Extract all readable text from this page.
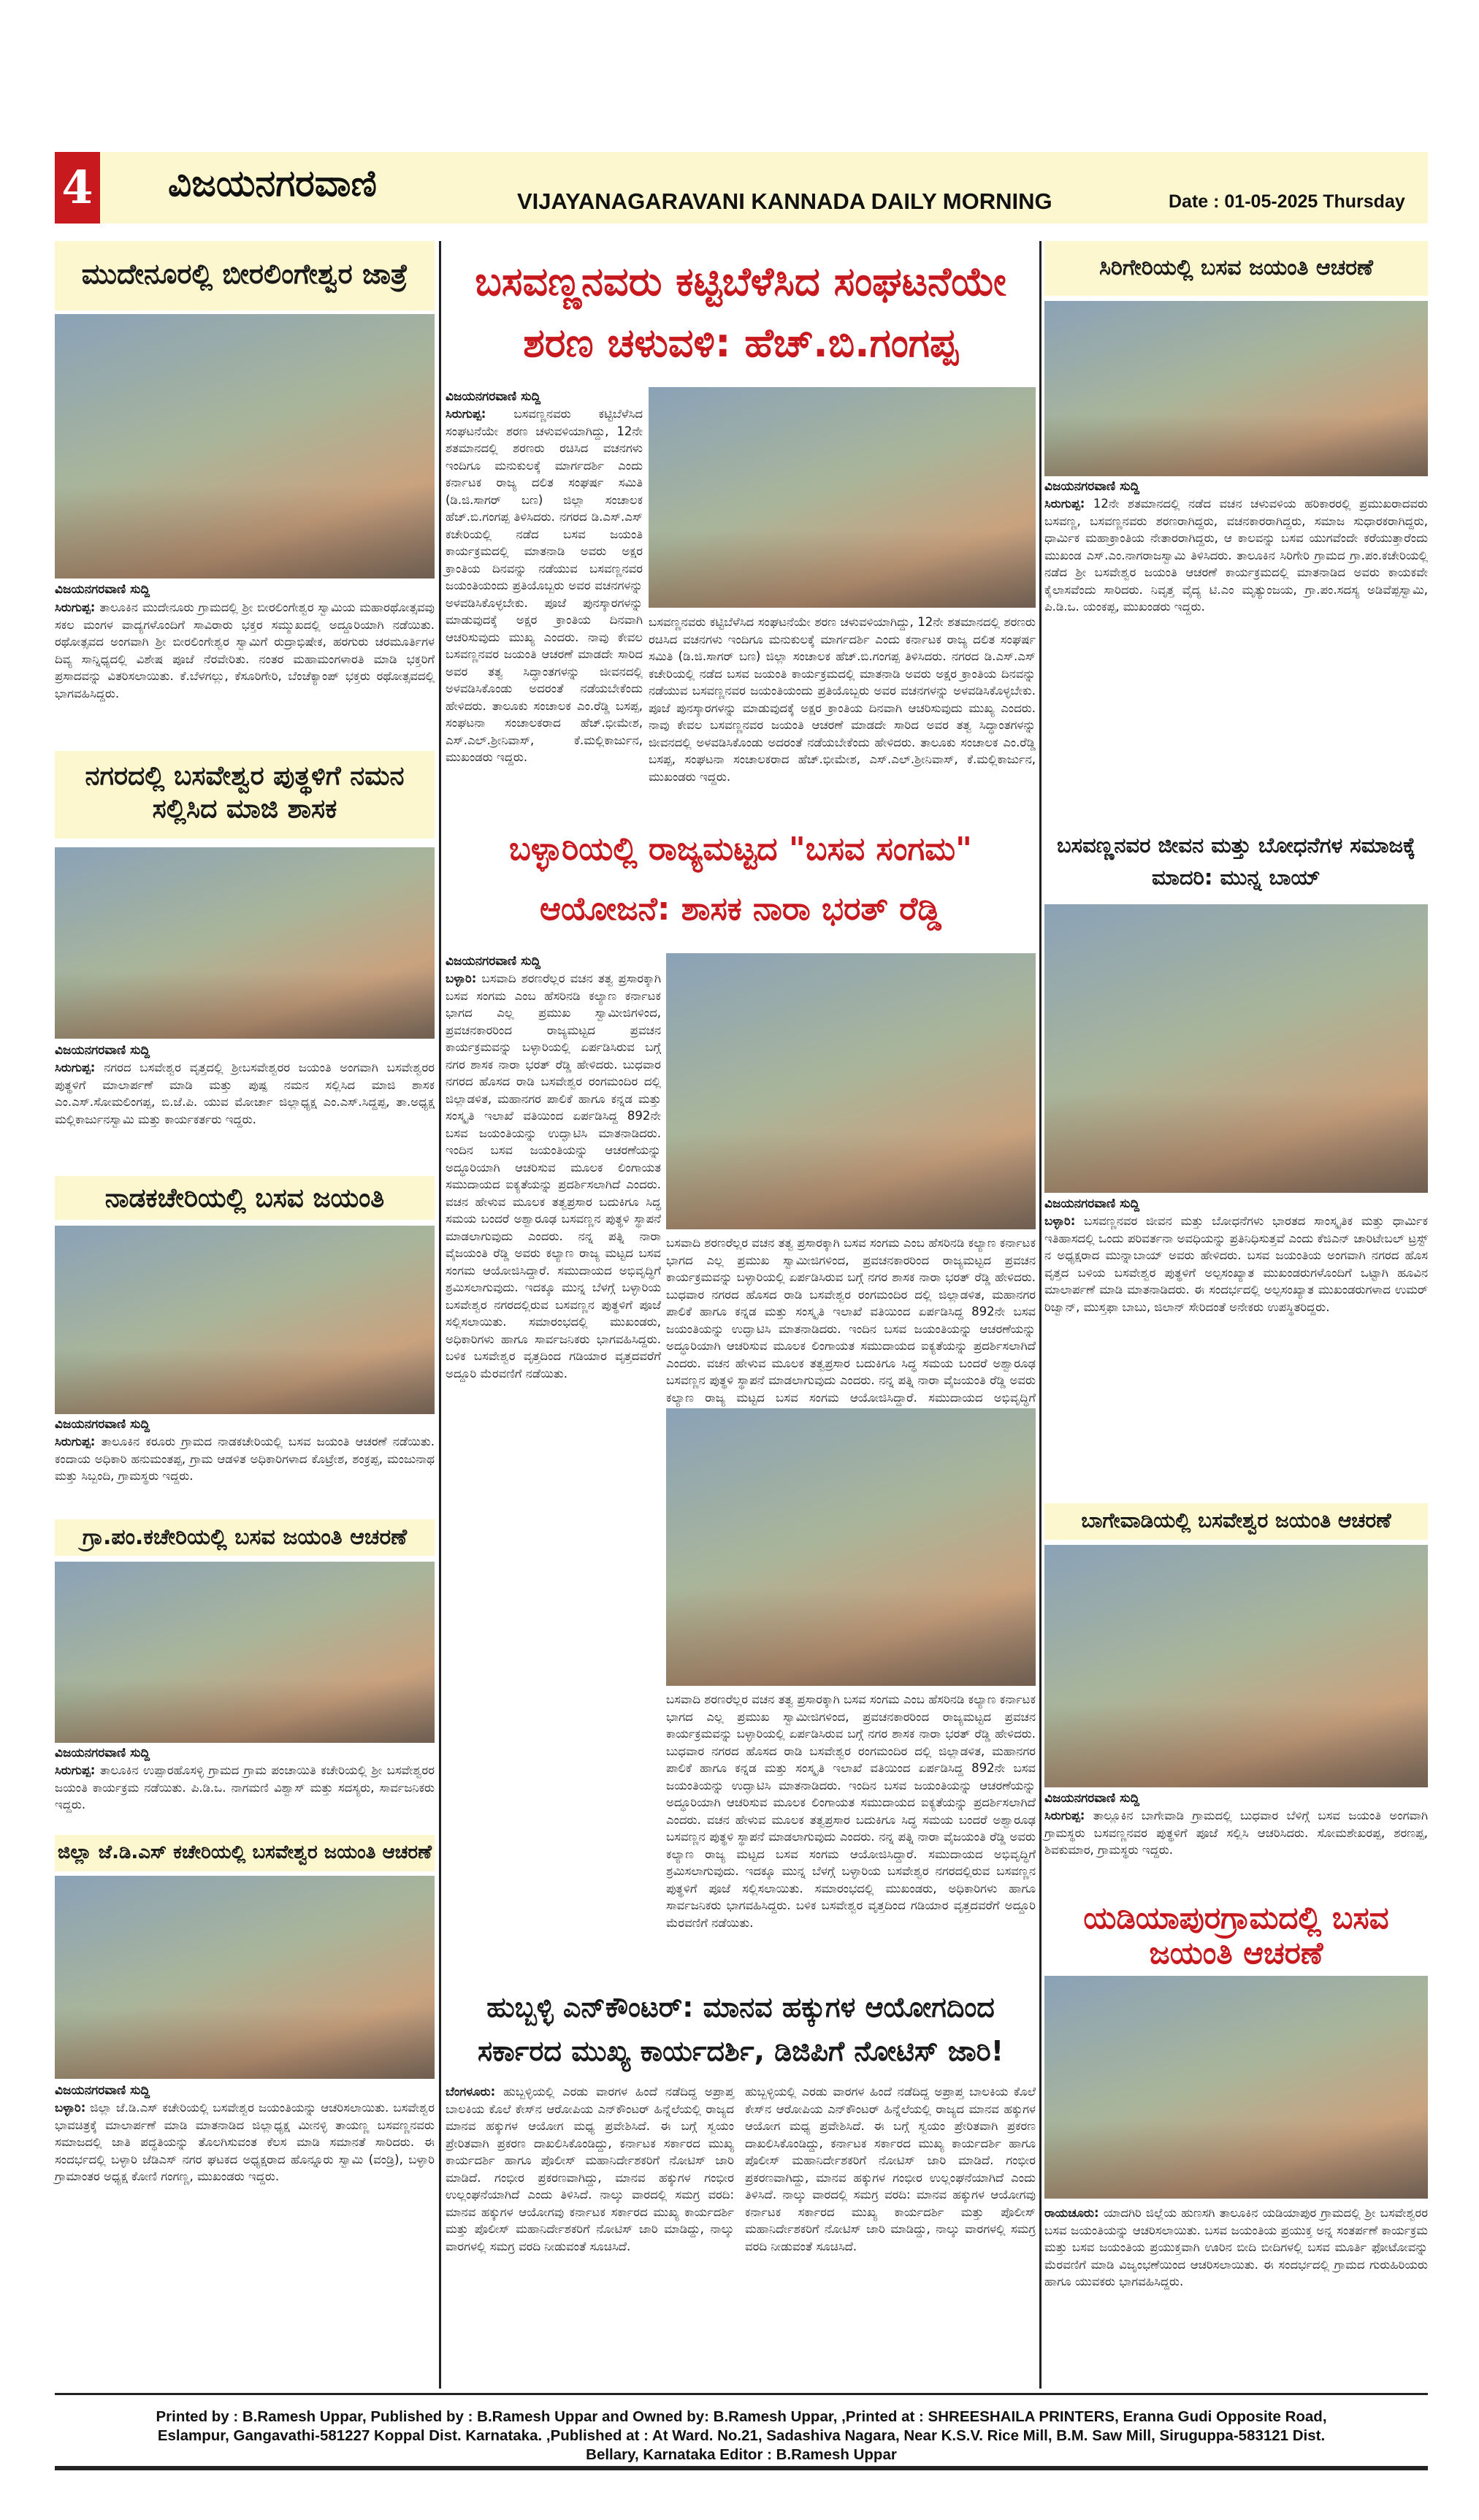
4 ವಿಜಯನಗರವಾಣಿ	VIJAYANAGARAVANI KANNADA DAILY MORNING	Date : 01-05-2025 Thursday
ಮುದೇನೂರಲ್ಲಿ ಬೀರಲಿಂಗೇಶ್ವರ ಜಾತ್ರೆ
ವಿಜಯನಗರವಾಣಿ ಸುದ್ದಿ
ಸಿರುಗುಪ್ಪ: ತಾಲೂಕಿನ ಮುದೇನೂರು ಗ್ರಾಮದಲ್ಲಿ ಶ್ರೀ ಬೀರಲಿಂಗೇಶ್ವರ ಸ್ವಾಮಿಯ ಮಹಾರಥೋತ್ಸವವು ಸಕಲ ಮಂಗಳ ವಾದ್ಯಗಳೊಂದಿಗೆ ಸಾವಿರಾರು ಭಕ್ತರ ಸಮ್ಮುಖದಲ್ಲಿ ಅದ್ದೂರಿಯಾಗಿ ನಡೆಯಿತು. ರಥೋತ್ಸವದ ಅಂಗವಾಗಿ ಶ್ರೀ ಬೀರಲಿಂಗೇಶ್ವರ ಸ್ವಾಮಿಗೆ ರುದ್ರಾಭಿಷೇಕ, ಹರಗುರು ಚರಮೂರ್ತಿಗಳ ದಿವ್ಯ ಸಾನ್ನಿಧ್ಯದಲ್ಲಿ ವಿಶೇಷ ಪೂಜೆ ನೆರವೇರಿತು. ನಂತರ ಮಹಾಮಂಗಳಾರತಿ ಮಾಡಿ ಭಕ್ತರಿಗೆ ಪ್ರಸಾದವನ್ನು ವಿತರಿಸಲಾಯಿತು. ಕೆ.ಬೆಳಗಲ್ಲು, ಕೆಸೂರಿಗೇರಿ, ಬೆಂಚೆಕ್ಯಾಂಪ್ ಭಕ್ತರು ರಥೋತ್ಸವದಲ್ಲಿ ಭಾಗವಹಿಸಿದ್ದರು.
ನಗರದಲ್ಲಿ ಬಸವೇಶ್ವರ ಪುತ್ಥಳಿಗೆ ನಮನ ಸಲ್ಲಿಸಿದ ಮಾಜಿ ಶಾಸಕ
ವಿಜಯನಗರವಾಣಿ ಸುದ್ದಿ
ಸಿರುಗುಪ್ಪ: ನಗರದ ಬಸವೇಶ್ವರ ವೃತ್ತದಲ್ಲಿ ಶ್ರೀಬಸವೇಶ್ವರರ ಜಯಂತಿ ಅಂಗವಾಗಿ ಬಸವೇಶ್ವರರ ಪುತ್ಥಳಿಗೆ ಮಾಲಾರ್ಪಣೆ ಮಾಡಿ ಮತ್ತು ಪುಷ್ಪ ನಮನ ಸಲ್ಲಿಸಿದ ಮಾಜಿ ಶಾಸಕ ಎಂ.ಎಸ್.ಸೋಮಲಿಂಗಪ್ಪ, ಬಿ.ಜೆ.ಪಿ. ಯುವ ಮೋರ್ಚಾ ಜಿಲ್ಲಾಧ್ಯಕ್ಷ ಎಂ.ಎಸ್.ಸಿದ್ದಪ್ಪ, ತಾ.ಅಧ್ಯಕ್ಷ ಮಲ್ಲಿಕಾರ್ಜುನಸ್ವಾಮಿ ಮತ್ತು ಕಾರ್ಯಕರ್ತರು ಇದ್ದರು.
ನಾಡಕಚೇರಿಯಲ್ಲಿ ಬಸವ ಜಯಂತಿ
ವಿಜಯನಗರವಾಣಿ ಸುದ್ದಿ
ಸಿರುಗುಪ್ಪ: ತಾಲೂಕಿನ ಕರೂರು ಗ್ರಾಮದ ನಾಡಕಚೇರಿಯಲ್ಲಿ ಬಸವ ಜಯಂತಿ ಆಚರಣೆ ನಡೆಯಿತು. ಕಂದಾಯ ಅಧಿಕಾರಿ ಹನುಮಂತಪ್ಪ, ಗ್ರಾಮ ಆಡಳಿತ ಅಧಿಕಾರಿಗಳಾದ ಕೊಟ್ರೇಶ, ಶಂಕ್ರಪ್ಪ, ಮಂಜುನಾಥ ಮತ್ತು ಸಿಬ್ಬಂದಿ, ಗ್ರಾಮಸ್ಥರು ಇದ್ದರು.
ಗ್ರಾ.ಪಂ.ಕಚೇರಿಯಲ್ಲಿ ಬಸವ ಜಯಂತಿ ಆಚರಣೆ
ವಿಜಯನಗರವಾಣಿ ಸುದ್ದಿ
ಸಿರುಗುಪ್ಪ: ತಾಲೂಕಿನ ಉಪ್ಪಾರಹೊಸಳ್ಳಿ ಗ್ರಾಮದ ಗ್ರಾಮ ಪಂಚಾಯಿತಿ ಕಚೇರಿಯಲ್ಲಿ ಶ್ರೀ ಬಸವೇಶ್ವರರ ಜಯಂತಿ ಕಾರ್ಯಕ್ರಮ ನಡೆಯಿತು. ಪಿ.ಡಿ.ಒ. ನಾಗಮಣಿ ವಿಶ್ವಾಸ್ ಮತ್ತು ಸದಸ್ಯರು, ಸಾರ್ವಜನಿಕರು ಇದ್ದರು.
ಜಿಲ್ಲಾ ಜೆ.ಡಿ.ಎಸ್ ಕಚೇರಿಯಲ್ಲಿ ಬಸವೇಶ್ವರ ಜಯಂತಿ ಆಚರಣೆ
ವಿಜಯನಗರವಾಣಿ ಸುದ್ದಿ
ಬಳ್ಳಾರಿ: ಜಿಲ್ಲಾ ಜೆ.ಡಿ.ಎಸ್ ಕಚೇರಿಯಲ್ಲಿ ಬಸವೇಶ್ವರ ಜಯಂತಿಯನ್ನು ಆಚರಿಸಲಾಯಿತು. ಬಸವೇಶ್ವರ ಭಾವಚಿತ್ರಕ್ಕೆ ಮಾಲಾರ್ಪಣೆ ಮಾಡಿ ಮಾತನಾಡಿದ ಜಿಲ್ಲಾಧ್ಯಕ್ಷ ಮೀನಳ್ಳಿ ತಾಯಣ್ಣ ಬಸವಣ್ಣನವರು ಸಮಾಜದಲ್ಲಿ ಜಾತಿ ಪದ್ಧತಿಯನ್ನು ತೊಲಗಿಸುವಂತ ಕೆಲಸ ಮಾಡಿ ಸಮಾನತೆ ಸಾರಿದರು. ಈ ಸಂದರ್ಭದಲ್ಲಿ ಬಳ್ಳಾರಿ ಜೆಡಿಎಸ್ ನಗರ ಘಟಕದ ಅಧ್ಯಕ್ಷರಾದ ಹೊನ್ನೂರು ಸ್ವಾಮಿ (ವಂಡ್ರಿ), ಬಳ್ಳಾರಿ ಗ್ರಾಮಾಂತರ ಅಧ್ಯಕ್ಷ ಕೋಣಿ ಗಂಗಣ್ಣ, ಮುಖಂಡರು ಇದ್ದರು.
ಬಸವಣ್ಣನವರು ಕಟ್ಟಿಬೆಳೆಸಿದ ಸಂಘಟನೆಯೇ ಶರಣ ಚಳುವಳಿ: ಹೆಚ್.ಬಿ.ಗಂಗಪ್ಪ
ವಿಜಯನಗರವಾಣಿ ಸುದ್ದಿ
ಸಿರುಗುಪ್ಪ: ಬಸವಣ್ಣನವರು ಕಟ್ಟಿಬೆಳೆಸಿದ ಸಂಘಟನೆಯೇ ಶರಣ ಚಳುವಳಿಯಾಗಿದ್ದು, 12ನೇ ಶತಮಾನದಲ್ಲಿ ಶರಣರು ರಚಿಸಿದ ವಚನಗಳು ಇಂದಿಗೂ ಮನುಕುಲಕ್ಕೆ ಮಾರ್ಗದರ್ಶಿ ಎಂದು ಕರ್ನಾಟಕ ರಾಜ್ಯ ದಲಿತ ಸಂಘರ್ಷ ಸಮಿತಿ (ಡಿ.ಜಿ.ಸಾಗರ್ ಬಣ) ಜಿಲ್ಲಾ ಸಂಚಾಲಕ ಹೆಚ್.ಬಿ.ಗಂಗಪ್ಪ ತಿಳಿಸಿದರು. ನಗರದ ಡಿ.ಎಸ್.ಎಸ್ ಕಚೇರಿಯಲ್ಲಿ ನಡೆದ ಬಸವ ಜಯಂತಿ ಕಾರ್ಯಕ್ರಮದಲ್ಲಿ ಮಾತನಾಡಿ ಅವರು ಅಕ್ಷರ ಕ್ರಾಂತಿಯ ದಿನವನ್ನು ನಡೆಯುವ ಬಸವಣ್ಣನವರ ಜಯಂತಿಯಂದು ಪ್ರತಿಯೊಬ್ಬರು ಅವರ ವಚನಗಳನ್ನು ಅಳವಡಿಸಿಕೊಳ್ಳಬೇಕು. ಪೂಜೆ ಪುನಸ್ಕಾರಗಳನ್ನು ಮಾಡುವುದಕ್ಕೆ ಅಕ್ಷರ ಕ್ರಾಂತಿಯ ದಿನವಾಗಿ ಆಚರಿಸುವುದು ಮುಖ್ಯ ಎಂದರು. ನಾವು ಕೇವಲ ಬಸವಣ್ಣನವರ ಜಯಂತಿ ಆಚರಣೆ ಮಾಡದೇ ಸಾರಿದ ಅವರ ತತ್ವ ಸಿದ್ಧಾಂತಗಳನ್ನು ಜೀವನದಲ್ಲಿ ಅಳವಡಿಸಿಕೊಂಡು ಅದರಂತೆ ನಡೆಯಬೇಕೆಂದು ಹೇಳಿದರು. ತಾಲೂಕು ಸಂಚಾಲಕ ಎಂ.ರೆಡ್ಡಿ ಬಸಪ್ಪ, ಸಂಘಟನಾ ಸಂಚಾಲಕರಾದ ಹೆಚ್.ಭೀಮೇಶ, ಎಸ್.ಎಲ್.ಶ್ರೀನಿವಾಸ್, ಕೆ.ಮಲ್ಲಿಕಾರ್ಜುನ, ಮುಖಂಡರು ಇದ್ದರು.
ಬಸವಣ್ಣನವರು ಕಟ್ಟಿಬೆಳೆಸಿದ ಸಂಘಟನೆಯೇ ಶರಣ ಚಳುವಳಿಯಾಗಿದ್ದು, 12ನೇ ಶತಮಾನದಲ್ಲಿ ಶರಣರು ರಚಿಸಿದ ವಚನಗಳು ಇಂದಿಗೂ ಮನುಕುಲಕ್ಕೆ ಮಾರ್ಗದರ್ಶಿ ಎಂದು ಕರ್ನಾಟಕ ರಾಜ್ಯ ದಲಿತ ಸಂಘರ್ಷ ಸಮಿತಿ (ಡಿ.ಜಿ.ಸಾಗರ್ ಬಣ) ಜಿಲ್ಲಾ ಸಂಚಾಲಕ ಹೆಚ್.ಬಿ.ಗಂಗಪ್ಪ ತಿಳಿಸಿದರು. ನಗರದ ಡಿ.ಎಸ್.ಎಸ್ ಕಚೇರಿಯಲ್ಲಿ ನಡೆದ ಬಸವ ಜಯಂತಿ ಕಾರ್ಯಕ್ರಮದಲ್ಲಿ ಮಾತನಾಡಿ ಅವರು ಅಕ್ಷರ ಕ್ರಾಂತಿಯ ದಿನವನ್ನು ನಡೆಯುವ ಬಸವಣ್ಣನವರ ಜಯಂತಿಯಂದು ಪ್ರತಿಯೊಬ್ಬರು ಅವರ ವಚನಗಳನ್ನು ಅಳವಡಿಸಿಕೊಳ್ಳಬೇಕು. ಪೂಜೆ ಪುನಸ್ಕಾರಗಳನ್ನು ಮಾಡುವುದಕ್ಕೆ ಅಕ್ಷರ ಕ್ರಾಂತಿಯ ದಿನವಾಗಿ ಆಚರಿಸುವುದು ಮುಖ್ಯ ಎಂದರು. ನಾವು ಕೇವಲ ಬಸವಣ್ಣನವರ ಜಯಂತಿ ಆಚರಣೆ ಮಾಡದೇ ಸಾರಿದ ಅವರ ತತ್ವ ಸಿದ್ಧಾಂತಗಳನ್ನು ಜೀವನದಲ್ಲಿ ಅಳವಡಿಸಿಕೊಂಡು ಅದರಂತೆ ನಡೆಯಬೇಕೆಂದು ಹೇಳಿದರು. ತಾಲೂಕು ಸಂಚಾಲಕ ಎಂ.ರೆಡ್ಡಿ ಬಸಪ್ಪ, ಸಂಘಟನಾ ಸಂಚಾಲಕರಾದ ಹೆಚ್.ಭೀಮೇಶ, ಎಸ್.ಎಲ್.ಶ್ರೀನಿವಾಸ್, ಕೆ.ಮಲ್ಲಿಕಾರ್ಜುನ, ಮುಖಂಡರು ಇದ್ದರು.
ಬಳ್ಳಾರಿಯಲ್ಲಿ ರಾಜ್ಯಮಟ್ಟದ "ಬಸವ ಸಂಗಮ" ಆಯೋಜನೆ: ಶಾಸಕ ನಾರಾ ಭರತ್ ರೆಡ್ಡಿ
ವಿಜಯನಗರವಾಣಿ ಸುದ್ದಿ
ಬಳ್ಳಾರಿ: ಬಸವಾದಿ ಶರಣರೆಲ್ಲರ ವಚನ ತತ್ವ ಪ್ರಸಾರಕ್ಕಾಗಿ ಬಸವ ಸಂಗಮ ಎಂಬ ಹೆಸರಿನಡಿ ಕಲ್ಯಾಣ ಕರ್ನಾಟಕ ಭಾಗದ ಎಲ್ಲ ಪ್ರಮುಖ ಸ್ವಾಮೀಜಿಗಳಿಂದ, ಪ್ರವಚನಕಾರರಿಂದ ರಾಜ್ಯಮಟ್ಟದ ಪ್ರವಚನ ಕಾರ್ಯಕ್ರಮವನ್ನು ಬಳ್ಳಾರಿಯಲ್ಲಿ ಏರ್ಪಡಿಸಿರುವ ಬಗ್ಗೆ ನಗರ ಶಾಸಕ ನಾರಾ ಭರತ್ ರೆಡ್ಡಿ ಹೇಳಿದರು. ಬುಧವಾರ ನಗರದ ಹೊಸದ ರಾಡಿ ಬಸವೇಶ್ವರ ರಂಗಮಂದಿರ ದಲ್ಲಿ ಜಿಲ್ಲಾಡಳಿತ, ಮಹಾನಗರ ಪಾಲಿಕೆ ಹಾಗೂ ಕನ್ನಡ ಮತ್ತು ಸಂಸ್ಕೃತಿ ಇಲಾಖೆ ವತಿಯಿಂದ ಏರ್ಪಡಿಸಿದ್ದ 892ನೇ ಬಸವ ಜಯಂತಿಯನ್ನು ಉದ್ಘಾಟಿಸಿ ಮಾತನಾಡಿದರು. ಇಂದಿನ ಬಸವ ಜಯಂತಿಯನ್ನು ಆಚರಣೆಯನ್ನು ಅದ್ಧೂರಿಯಾಗಿ ಆಚರಿಸುವ ಮೂಲಕ ಲಿಂಗಾಯತ ಸಮುದಾಯದ ಐಕ್ಯತೆಯನ್ನು ಪ್ರದರ್ಶಿಸಲಾಗಿದೆ ಎಂದರು. ವಚನ ಹೇಳುವ ಮೂಲಕ ತತ್ವಪ್ರಸಾರ ಬದುಕಿಗೂ ಸಿದ್ಧ ಸಮಯ ಬಂದರೆ ಅಶ್ವಾರೂಢ ಬಸವಣ್ಣನ ಪುತ್ಥಳಿ ಸ್ಥಾಪನೆ ಮಾಡಲಾಗುವುದು ಎಂದರು. ನನ್ನ ಪತ್ನಿ ನಾರಾ ವೈಜಯಂತಿ ರೆಡ್ಡಿ ಅವರು ಕಲ್ಯಾಣ ರಾಜ್ಯ ಮಟ್ಟದ ಬಸವ ಸಂಗಮ ಆಯೋಜಿಸಿದ್ದಾರೆ. ಸಮುದಾಯದ ಅಭಿವೃದ್ಧಿಗೆ ಶ್ರಮಿಸಲಾಗುವುದು. ಇದಕ್ಕೂ ಮುನ್ನ ಬೆಳಗ್ಗೆ ಬಳ್ಳಾರಿಯ ಬಸವೇಶ್ವರ ನಗರದಲ್ಲಿರುವ ಬಸವಣ್ಣನ ಪುತ್ಥಳಿಗೆ ಪೂಜೆ ಸಲ್ಲಿಸಲಾಯಿತು. ಸಮಾರಂಭದಲ್ಲಿ ಮುಖಂಡರು, ಅಧಿಕಾರಿಗಳು ಹಾಗೂ ಸಾರ್ವಜನಿಕರು ಭಾಗವಹಿಸಿದ್ದರು. ಬಳಿಕ ಬಸವೇಶ್ವರ ವೃತ್ತದಿಂದ ಗಡಿಯಾರ ವೃತ್ತದವರೆಗೆ ಅದ್ದೂರಿ ಮೆರವಣಿಗೆ ನಡೆಯಿತು.
ಬಸವಾದಿ ಶರಣರೆಲ್ಲರ ವಚನ ತತ್ವ ಪ್ರಸಾರಕ್ಕಾಗಿ ಬಸವ ಸಂಗಮ ಎಂಬ ಹೆಸರಿನಡಿ ಕಲ್ಯಾಣ ಕರ್ನಾಟಕ ಭಾಗದ ಎಲ್ಲ ಪ್ರಮುಖ ಸ್ವಾಮೀಜಿಗಳಿಂದ, ಪ್ರವಚನಕಾರರಿಂದ ರಾಜ್ಯಮಟ್ಟದ ಪ್ರವಚನ ಕಾರ್ಯಕ್ರಮವನ್ನು ಬಳ್ಳಾರಿಯಲ್ಲಿ ಏರ್ಪಡಿಸಿರುವ ಬಗ್ಗೆ ನಗರ ಶಾಸಕ ನಾರಾ ಭರತ್ ರೆಡ್ಡಿ ಹೇಳಿದರು. ಬುಧವಾರ ನಗರದ ಹೊಸದ ರಾಡಿ ಬಸವೇಶ್ವರ ರಂಗಮಂದಿರ ದಲ್ಲಿ ಜಿಲ್ಲಾಡಳಿತ, ಮಹಾನಗರ ಪಾಲಿಕೆ ಹಾಗೂ ಕನ್ನಡ ಮತ್ತು ಸಂಸ್ಕೃತಿ ಇಲಾಖೆ ವತಿಯಿಂದ ಏರ್ಪಡಿಸಿದ್ದ 892ನೇ ಬಸವ ಜಯಂತಿಯನ್ನು ಉದ್ಘಾಟಿಸಿ ಮಾತನಾಡಿದರು. ಇಂದಿನ ಬಸವ ಜಯಂತಿಯನ್ನು ಆಚರಣೆಯನ್ನು ಅದ್ಧೂರಿಯಾಗಿ ಆಚರಿಸುವ ಮೂಲಕ ಲಿಂಗಾಯತ ಸಮುದಾಯದ ಐಕ್ಯತೆಯನ್ನು ಪ್ರದರ್ಶಿಸಲಾಗಿದೆ ಎಂದರು. ವಚನ ಹೇಳುವ ಮೂಲಕ ತತ್ವಪ್ರಸಾರ ಬದುಕಿಗೂ ಸಿದ್ಧ ಸಮಯ ಬಂದರೆ ಅಶ್ವಾರೂಢ ಬಸವಣ್ಣನ ಪುತ್ಥಳಿ ಸ್ಥಾಪನೆ ಮಾಡಲಾಗುವುದು ಎಂದರು. ನನ್ನ ಪತ್ನಿ ನಾರಾ ವೈಜಯಂತಿ ರೆಡ್ಡಿ ಅವರು ಕಲ್ಯಾಣ ರಾಜ್ಯ ಮಟ್ಟದ ಬಸವ ಸಂಗಮ ಆಯೋಜಿಸಿದ್ದಾರೆ. ಸಮುದಾಯದ ಅಭಿವೃದ್ಧಿಗೆ
ಬಸವಾದಿ ಶರಣರೆಲ್ಲರ ವಚನ ತತ್ವ ಪ್ರಸಾರಕ್ಕಾಗಿ ಬಸವ ಸಂಗಮ ಎಂಬ ಹೆಸರಿನಡಿ ಕಲ್ಯಾಣ ಕರ್ನಾಟಕ ಭಾಗದ ಎಲ್ಲ ಪ್ರಮುಖ ಸ್ವಾಮೀಜಿಗಳಿಂದ, ಪ್ರವಚನಕಾರರಿಂದ ರಾಜ್ಯಮಟ್ಟದ ಪ್ರವಚನ ಕಾರ್ಯಕ್ರಮವನ್ನು ಬಳ್ಳಾರಿಯಲ್ಲಿ ಏರ್ಪಡಿಸಿರುವ ಬಗ್ಗೆ ನಗರ ಶಾಸಕ ನಾರಾ ಭರತ್ ರೆಡ್ಡಿ ಹೇಳಿದರು. ಬುಧವಾರ ನಗರದ ಹೊಸದ ರಾಡಿ ಬಸವೇಶ್ವರ ರಂಗಮಂದಿರ ದಲ್ಲಿ ಜಿಲ್ಲಾಡಳಿತ, ಮಹಾನಗರ ಪಾಲಿಕೆ ಹಾಗೂ ಕನ್ನಡ ಮತ್ತು ಸಂಸ್ಕೃತಿ ಇಲಾಖೆ ವತಿಯಿಂದ ಏರ್ಪಡಿಸಿದ್ದ 892ನೇ ಬಸವ ಜಯಂತಿಯನ್ನು ಉದ್ಘಾಟಿಸಿ ಮಾತನಾಡಿದರು. ಇಂದಿನ ಬಸವ ಜಯಂತಿಯನ್ನು ಆಚರಣೆಯನ್ನು ಅದ್ಧೂರಿಯಾಗಿ ಆಚರಿಸುವ ಮೂಲಕ ಲಿಂಗಾಯತ ಸಮುದಾಯದ ಐಕ್ಯತೆಯನ್ನು ಪ್ರದರ್ಶಿಸಲಾಗಿದೆ ಎಂದರು. ವಚನ ಹೇಳುವ ಮೂಲಕ ತತ್ವಪ್ರಸಾರ ಬದುಕಿಗೂ ಸಿದ್ಧ ಸಮಯ ಬಂದರೆ ಅಶ್ವಾರೂಢ ಬಸವಣ್ಣನ ಪುತ್ಥಳಿ ಸ್ಥಾಪನೆ ಮಾಡಲಾಗುವುದು ಎಂದರು. ನನ್ನ ಪತ್ನಿ ನಾರಾ ವೈಜಯಂತಿ ರೆಡ್ಡಿ ಅವರು ಕಲ್ಯಾಣ ರಾಜ್ಯ ಮಟ್ಟದ ಬಸವ ಸಂಗಮ ಆಯೋಜಿಸಿದ್ದಾರೆ. ಸಮುದಾಯದ ಅಭಿವೃದ್ಧಿಗೆ ಶ್ರಮಿಸಲಾಗುವುದು. ಇದಕ್ಕೂ ಮುನ್ನ ಬೆಳಗ್ಗೆ ಬಳ್ಳಾರಿಯ ಬಸವೇಶ್ವರ ನಗರದಲ್ಲಿರುವ ಬಸವಣ್ಣನ ಪುತ್ಥಳಿಗೆ ಪೂಜೆ ಸಲ್ಲಿಸಲಾಯಿತು. ಸಮಾರಂಭದಲ್ಲಿ ಮುಖಂಡರು, ಅಧಿಕಾರಿಗಳು ಹಾಗೂ ಸಾರ್ವಜನಿಕರು ಭಾಗವಹಿಸಿದ್ದರು. ಬಳಿಕ ಬಸವೇಶ್ವರ ವೃತ್ತದಿಂದ ಗಡಿಯಾರ ವೃತ್ತದವರೆಗೆ ಅದ್ದೂರಿ ಮೆರವಣಿಗೆ ನಡೆಯಿತು.
ಹುಬ್ಬಳ್ಳಿ ಎನ್‌ಕೌಂಟರ್: ಮಾನವ ಹಕ್ಕುಗಳ ಆಯೋಗದಿಂದ ಸರ್ಕಾರದ ಮುಖ್ಯ ಕಾರ್ಯದರ್ಶಿ, ಡಿಜಿಪಿಗೆ ನೋಟಿಸ್ ಜಾರಿ!
ಬೆಂಗಳೂರು: ಹುಬ್ಬಳ್ಳಿಯಲ್ಲಿ ಎರಡು ವಾರಗಳ ಹಿಂದೆ ನಡೆದಿದ್ದ ಅಪ್ರಾಪ್ತ ಬಾಲಕಿಯ ಕೊಲೆ ಕೇಸ್‌ನ ಆರೋಪಿಯ ಎನ್‌ಕೌಂಟರ್ ಹಿನ್ನೆಲೆಯಲ್ಲಿ ರಾಜ್ಯದ ಮಾನವ ಹಕ್ಕುಗಳ ಆಯೋಗ ಮಧ್ಯ ಪ್ರವೇಶಿಸಿದೆ. ಈ ಬಗ್ಗೆ ಸ್ವಯಂ ಪ್ರೇರಿತವಾಗಿ ಪ್ರಕರಣ ದಾಖಲಿಸಿಕೊಂಡಿದ್ದು, ಕರ್ನಾಟಕ ಸರ್ಕಾರದ ಮುಖ್ಯ ಕಾರ್ಯದರ್ಶಿ ಹಾಗೂ ಪೊಲೀಸ್ ಮಹಾನಿರ್ದೇಶಕರಿಗೆ ನೋಟಿಸ್ ಜಾರಿ ಮಾಡಿದೆ. ಗಂಭೀರ ಪ್ರಕರಣವಾಗಿದ್ದು, ಮಾನವ ಹಕ್ಕುಗಳ ಗಂಭೀರ ಉಲ್ಲಂಘನೆಯಾಗಿದೆ ಎಂದು ತಿಳಿಸಿದೆ. ನಾಲ್ಕು ವಾರದಲ್ಲಿ ಸಮಗ್ರ ವರದಿ: ಮಾನವ ಹಕ್ಕುಗಳ ಆಯೋಗವು ಕರ್ನಾಟಕ ಸರ್ಕಾರದ ಮುಖ್ಯ ಕಾರ್ಯದರ್ಶಿ ಮತ್ತು ಪೊಲೀಸ್ ಮಹಾನಿರ್ದೇಶಕರಿಗೆ ನೋಟಿಸ್ ಜಾರಿ ಮಾಡಿದ್ದು, ನಾಲ್ಕು ವಾರಗಳಲ್ಲಿ ಸಮಗ್ರ ವರದಿ ನೀಡುವಂತೆ ಸೂಚಿಸಿದೆ.
ಹುಬ್ಬಳ್ಳಿಯಲ್ಲಿ ಎರಡು ವಾರಗಳ ಹಿಂದೆ ನಡೆದಿದ್ದ ಅಪ್ರಾಪ್ತ ಬಾಲಕಿಯ ಕೊಲೆ ಕೇಸ್‌ನ ಆರೋಪಿಯ ಎನ್‌ಕೌಂಟರ್ ಹಿನ್ನೆಲೆಯಲ್ಲಿ ರಾಜ್ಯದ ಮಾನವ ಹಕ್ಕುಗಳ ಆಯೋಗ ಮಧ್ಯ ಪ್ರವೇಶಿಸಿದೆ. ಈ ಬಗ್ಗೆ ಸ್ವಯಂ ಪ್ರೇರಿತವಾಗಿ ಪ್ರಕರಣ ದಾಖಲಿಸಿಕೊಂಡಿದ್ದು, ಕರ್ನಾಟಕ ಸರ್ಕಾರದ ಮುಖ್ಯ ಕಾರ್ಯದರ್ಶಿ ಹಾಗೂ ಪೊಲೀಸ್ ಮಹಾನಿರ್ದೇಶಕರಿಗೆ ನೋಟಿಸ್ ಜಾರಿ ಮಾಡಿದೆ. ಗಂಭೀರ ಪ್ರಕರಣವಾಗಿದ್ದು, ಮಾನವ ಹಕ್ಕುಗಳ ಗಂಭೀರ ಉಲ್ಲಂಘನೆಯಾಗಿದೆ ಎಂದು ತಿಳಿಸಿದೆ. ನಾಲ್ಕು ವಾರದಲ್ಲಿ ಸಮಗ್ರ ವರದಿ: ಮಾನವ ಹಕ್ಕುಗಳ ಆಯೋಗವು ಕರ್ನಾಟಕ ಸರ್ಕಾರದ ಮುಖ್ಯ ಕಾರ್ಯದರ್ಶಿ ಮತ್ತು ಪೊಲೀಸ್ ಮಹಾನಿರ್ದೇಶಕರಿಗೆ ನೋಟಿಸ್ ಜಾರಿ ಮಾಡಿದ್ದು, ನಾಲ್ಕು ವಾರಗಳಲ್ಲಿ ಸಮಗ್ರ ವರದಿ ನೀಡುವಂತೆ ಸೂಚಿಸಿದೆ.
ಸಿರಿಗೇರಿಯಲ್ಲಿ ಬಸವ ಜಯಂತಿ ಆಚರಣೆ
ವಿಜಯನಗರವಾಣಿ ಸುದ್ದಿ
ಸಿರುಗುಪ್ಪ: 12ನೇ ಶತಮಾನದಲ್ಲಿ ನಡೆದ ವಚನ ಚಳುವಳಿಯ ಹರಿಕಾರರಲ್ಲಿ ಪ್ರಮುಖರಾದವರು ಬಸವಣ್ಣ, ಬಸವಣ್ಣನವರು ಶರಣರಾಗಿದ್ದರು, ವಚನಕಾರರಾಗಿದ್ದರು, ಸಮಾಜ ಸುಧಾರಕರಾಗಿದ್ದರು, ಧಾರ್ಮಿಕ ಮಹಾಕ್ರಾಂತಿಯ ನೇತಾರರಾಗಿದ್ದರು, ಆ ಕಾಲವನ್ನು ಬಸವ ಯುಗವೆಂದೇ ಕರೆಯುತ್ತಾರೆಂದು ಮುಖಂಡ ಎಸ್.ಎಂ.ನಾಗರಾಜಸ್ವಾಮಿ ತಿಳಿಸಿದರು. ತಾಲೂಕಿನ ಸಿರಿಗೇರಿ ಗ್ರಾಮದ ಗ್ರಾ.ಪಂ.ಕಚೇರಿಯಲ್ಲಿ ನಡೆದ ಶ್ರೀ ಬಸವೇಶ್ವರ ಜಯಂತಿ ಆಚರಣೆ ಕಾರ್ಯಕ್ರಮದಲ್ಲಿ ಮಾತನಾಡಿದ ಅವರು ಕಾಯಕವೇ ಕೈಲಾಸವೆಂದು ಸಾರಿದರು. ನಿವೃತ್ತ ವೈದ್ಯ ಟಿ.ಎಂ ಮೃತ್ಯುಂಜಯ, ಗ್ರಾ.ಪಂ.ಸದಸ್ಯ ಅಡಿವೆಪ್ಪಸ್ವಾಮಿ, ಪಿ.ಡಿ.ಒ. ಯಂಕಪ್ಪ, ಮುಖಂಡರು ಇದ್ದರು.
ಬಸವಣ್ಣನವರ ಜೀವನ ಮತ್ತು ಬೋಧನೆಗಳ ಸಮಾಜಕ್ಕೆ ಮಾದರಿ: ಮುನ್ನ ಬಾಯ್
ವಿಜಯನಗರವಾಣಿ ಸುದ್ದಿ
ಬಳ್ಳಾರಿ: ಬಸವಣ್ಣನವರ ಜೀವನ ಮತ್ತು ಬೋಧನೆಗಳು ಭಾರತದ ಸಾಂಸ್ಕೃತಿಕ ಮತ್ತು ಧಾರ್ಮಿಕ ಇತಿಹಾಸದಲ್ಲಿ ಒಂದು ಪರಿವರ್ತನಾ ಅವಧಿಯನ್ನು ಪ್ರತಿನಿಧಿಸುತ್ತವೆ ಎಂದು ಕೆಜಿಎನ್ ಚಾರಿಟೇಬಲ್ ಟ್ರಸ್ಟ್ ನ ಅಧ್ಯಕ್ಷರಾದ ಮುನ್ನಾಬಾಯ್ ಅವರು ಹೇಳಿದರು. ಬಸವ ಜಯಂತಿಯ ಅಂಗವಾಗಿ ನಗರದ ಹೊಸ ವೃತ್ತದ ಬಳಿಯ ಬಸವೇಶ್ವರ ಪುತ್ಥಳಿಗೆ ಅಲ್ಪಸಂಖ್ಯಾತ ಮುಖಂಡರುಗಳೊಂದಿಗೆ ಒಟ್ಟಾಗಿ ಹೂವಿನ ಮಾಲಾರ್ಪಣೆ ಮಾಡಿ ಮಾತನಾಡಿದರು. ಈ ಸಂದರ್ಭದಲ್ಲಿ ಅಲ್ಪಸಂಖ್ಯಾತ ಮುಖಂಡರುಗಳಾದ ಉಮರ್ ರಿಜ್ವಾನ್, ಮುಸ್ತಫಾ ಬಾಬು, ಜಿಲಾನ್ ಸೇರಿದಂತೆ ಅನೇಕರು ಉಪಸ್ಥಿತರಿದ್ದರು.
ಬಾಗೇವಾಡಿಯಲ್ಲಿ ಬಸವೇಶ್ವರ ಜಯಂತಿ ಆಚರಣೆ
ವಿಜಯನಗರವಾಣಿ ಸುದ್ದಿ
ಸಿರುಗುಪ್ಪ: ತಾಲ್ಲೂಕಿನ ಬಾಗೇವಾಡಿ ಗ್ರಾಮದಲ್ಲಿ ಬುಧವಾರ ಬೆಳಿಗ್ಗೆ ಬಸವ ಜಯಂತಿ ಅಂಗವಾಗಿ ಗ್ರಾಮಸ್ಥರು ಬಸವಣ್ಣನವರ ಪುತ್ಥಳಿಗೆ ಪೂಜೆ ಸಲ್ಲಿಸಿ ಆಚರಿಸಿದರು. ಸೋಮಶೇಖರಪ್ಪ, ಶರಣಪ್ಪ, ಶಿವಕುಮಾರ, ಗ್ರಾಮಸ್ಥರು ಇದ್ದರು.
ಯಡಿಯಾಪುರಗ್ರಾಮದಲ್ಲಿ ಬಸವ ಜಯಂತಿ ಆಚರಣೆ
ರಾಯಚೂರು: ಯಾದಗಿರಿ ಜಿಲ್ಲೆಯ ಹುಣಸಗಿ ತಾಲೂಕಿನ ಯಡಿಯಾಪುರ ಗ್ರಾಮದಲ್ಲಿ ಶ್ರೀ ಬಸವೇಶ್ವರರ ಬಸವ ಜಯಂತಿಯನ್ನು ಆಚರಿಸಲಾಯಿತು. ಬಸವ ಜಯಂತಿಯ ಪ್ರಯುಕ್ತ ಅನ್ನ ಸಂತರ್ಪಣೆ ಕಾರ್ಯಕ್ರಮ ಮತ್ತು ಬಸವ ಜಯಂತಿಯ ಪ್ರಯುಕ್ತವಾಗಿ ಊರಿನ ಬೀದಿ ಬೀದಿಗಳಲ್ಲಿ ಬಸವ ಮೂರ್ತಿ ಫೋಟೋವನ್ನು ಮೆರವಣಿಗೆ ಮಾಡಿ ವಿಜೃಂಭಣೆಯಿಂದ ಆಚರಿಸಲಾಯಿತು. ಈ ಸಂದರ್ಭದಲ್ಲಿ ಗ್ರಾಮದ ಗುರುಹಿರಿಯರು ಹಾಗೂ ಯುವಕರು ಭಾಗವಹಿಸಿದ್ದರು.
Printed by : B.Ramesh Uppar, Published by : B.Ramesh Uppar and Owned by: B.Ramesh Uppar, ,Printed at : SHREESHAILA PRINTERS, Eranna Gudi Opposite Road,
Eslampur, Gangavathi-581227 Koppal Dist. Karnataka. ,Published at : At Ward. No.21, Sadashiva Nagara, Near K.S.V. Rice Mill, B.M. Saw Mill, Siruguppa-583121 Dist.
Bellary, Karnataka Editor : B.Ramesh Uppar
